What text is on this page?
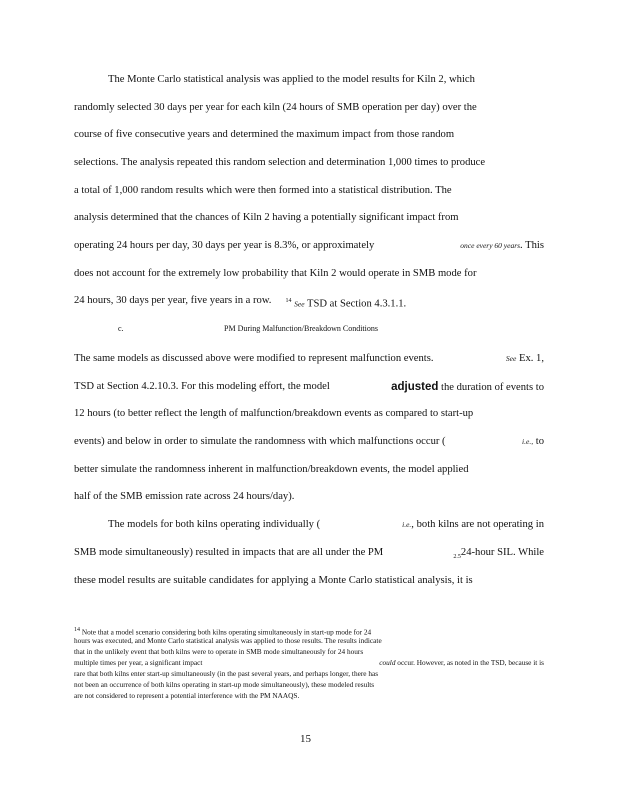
The Monte Carlo statistical analysis was applied to the model results for Kiln 2, which
randomly selected 30 days per year for each kiln (24 hours of SMB operation per day) over the
course of five consecutive years and determined the maximum impact from those random
selections. The analysis repeated this random selection and determination 1,000 times to produce
a total of 1,000 random results which were then formed into a statistical distribution. The
analysis determined that the chances of Kiln 2 having a potentially significant impact from
operating 24 hours per day, 30 days per year is 8.3%, or approximately	once every 60 years. This
does not account for the extremely low probability that Kiln 2 would operate in SMB mode for
24 hours, 30 days per year, five years in a row. $^{14}$ See TSD at Section 4.3.1.1.
c.	PM During Malfunction/Breakdown Conditions
The same models as discussed above were modified to represent malfunction events.	See Ex. 1,
TSD at Section 4.2.10.3. For this modeling effort, the model	adjusted the duration of events to
12 hours (to better reflect the length of malfunction/breakdown events as compared to start-up
events) and below in order to simulate the randomness with which malfunctions occur (	i.e., to
better simulate the randomness inherent in malfunction/breakdown events, the model applied
half of the SMB emission rate across 24 hours/day).
The models for both kilns operating individually (	i.e., both kilns are not operating in
SMB mode simultaneously) resulted in impacts that are all under the PM	$_{2.5}$24-hour SIL. While
these model results are suitable candidates for applying a Monte Carlo statistical analysis, it is
$^{14}$ Note that a model scenario considering both kilns operating simultaneously in start-up mode for 24
hours was executed, and Monte Carlo statistical analysis was applied to those results. The results indicate
that in the unlikely event that both kilns were to operate in SMB mode simultaneously for 24 hours
multiple times per year, a significant impact	could occur. However, as noted in the TSD, because it is
rare that both kilns enter start-up simultaneously (in the past several years, and perhaps longer, there has
not been an occurrence of both kilns operating in start-up mode simultaneously), these modeled results
are not considered to represent a potential interference with the PM NAAQS.
15
